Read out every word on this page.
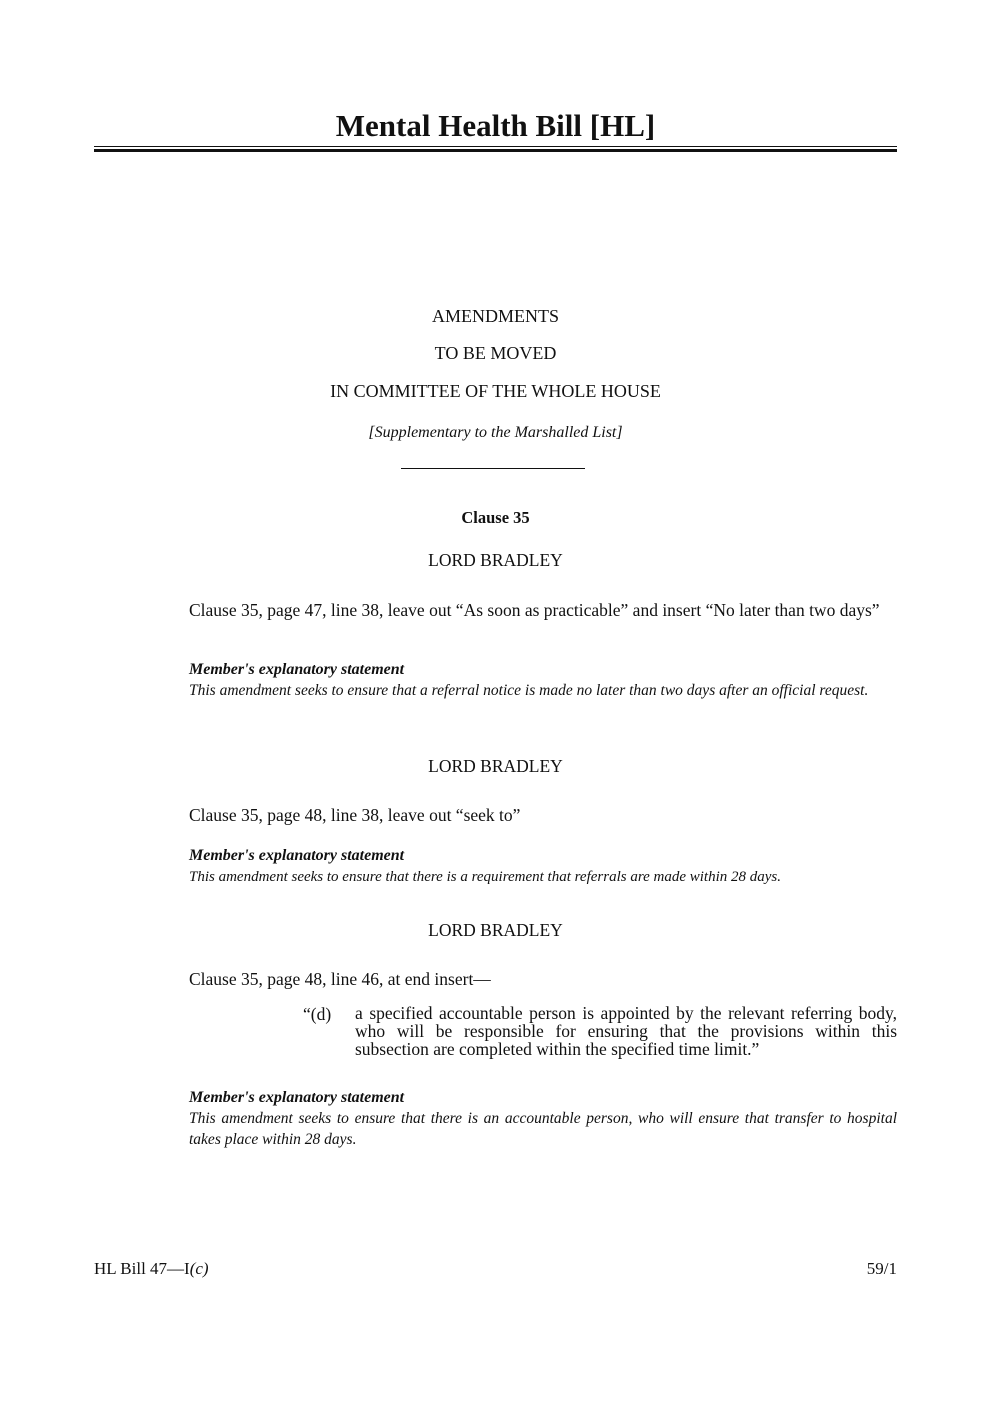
Mental Health Bill [HL]
AMENDMENTS
TO BE MOVED
IN COMMITTEE OF THE WHOLE HOUSE
[Supplementary to the Marshalled List]
Clause 35
LORD BRADLEY
Clause 35, page 47, line 38, leave out “As soon as practicable” and insert “No later than two days”
Member's explanatory statement
This amendment seeks to ensure that a referral notice is made no later than two days after an official request.
LORD BRADLEY
Clause 35, page 48, line 38, leave out “seek to”
Member's explanatory statement
This amendment seeks to ensure that there is a requirement that referrals are made within 28 days.
LORD BRADLEY
Clause 35, page 48, line 46, at end insert—
“(d) a specified accountable person is appointed by the relevant referring body, who will be responsible for ensuring that the provisions within this subsection are completed within the specified time limit.”
Member's explanatory statement
This amendment seeks to ensure that there is an accountable person, who will ensure that transfer to hospital takes place within 28 days.
HL Bill 47—I(c)	59/1
